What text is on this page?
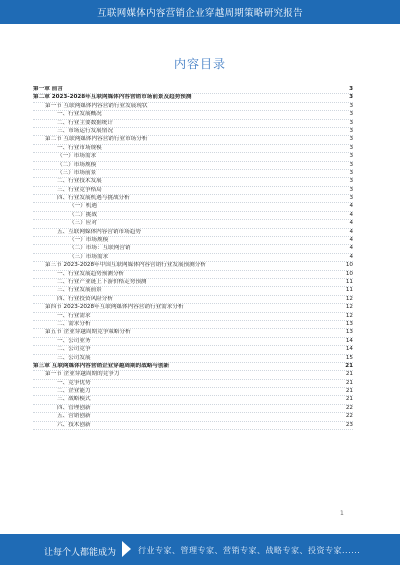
互联网媒体内容营销企业穿越周期策略研究报告
内容目录
第一章 前言	3
第二章 2023-2028年互联网媒体内容营销市场前景及趋势预测	3
第一节 互联网媒体内容营销行业发展现状	3
一、行业发展概况	3
二、行业主要数据统计	3
三、市场运行发展情况	3
第二节 互联网媒体内容营销行业市场分析	3
一、行业市场规模	3
（一）市场需求	3
（二）市场规模	3
（三）市场前景	3
二、行业技术发展	3
三、行业竞争格局	3
四、行业发展机遇与挑战分析	3
（一）机遇	4
（二）挑战	4
（三）应对	4
五、互联网媒体内容营销市场趋势	4
（一）市场规模	4
（二）市场：互联网营销	4
（三）市场需求	4
第三节 2023-2028年中国互联网媒体内容营销行业发展预测分析	10
一、行业发展趋势预测分析	10
二、行业产业链上下游价格走势预测	11
三、行业发展前景	11
四、行业投资风险分析	12
第四节 2023-2028年互联网媒体内容营销行业需求分析	12
一、行业需求	12
二、需求分析	13
第五节 企业穿越周期竞争策略分析	13
一、公司业务	14
二、公司竞争	14
三、公司发展	15
第三章 互联网媒体内容营销企业穿越周期的战略与创新	21
第一节 企业穿越周期的竞争力	21
一、竞争优势	21
二、企业能力	21
三、战略模式	21
四、管理创新	22
五、营销创新	22
六、技术创新	23
1
让每个人都能成为	行业专家、管理专家、营销专家、战略专家、投资专家......
